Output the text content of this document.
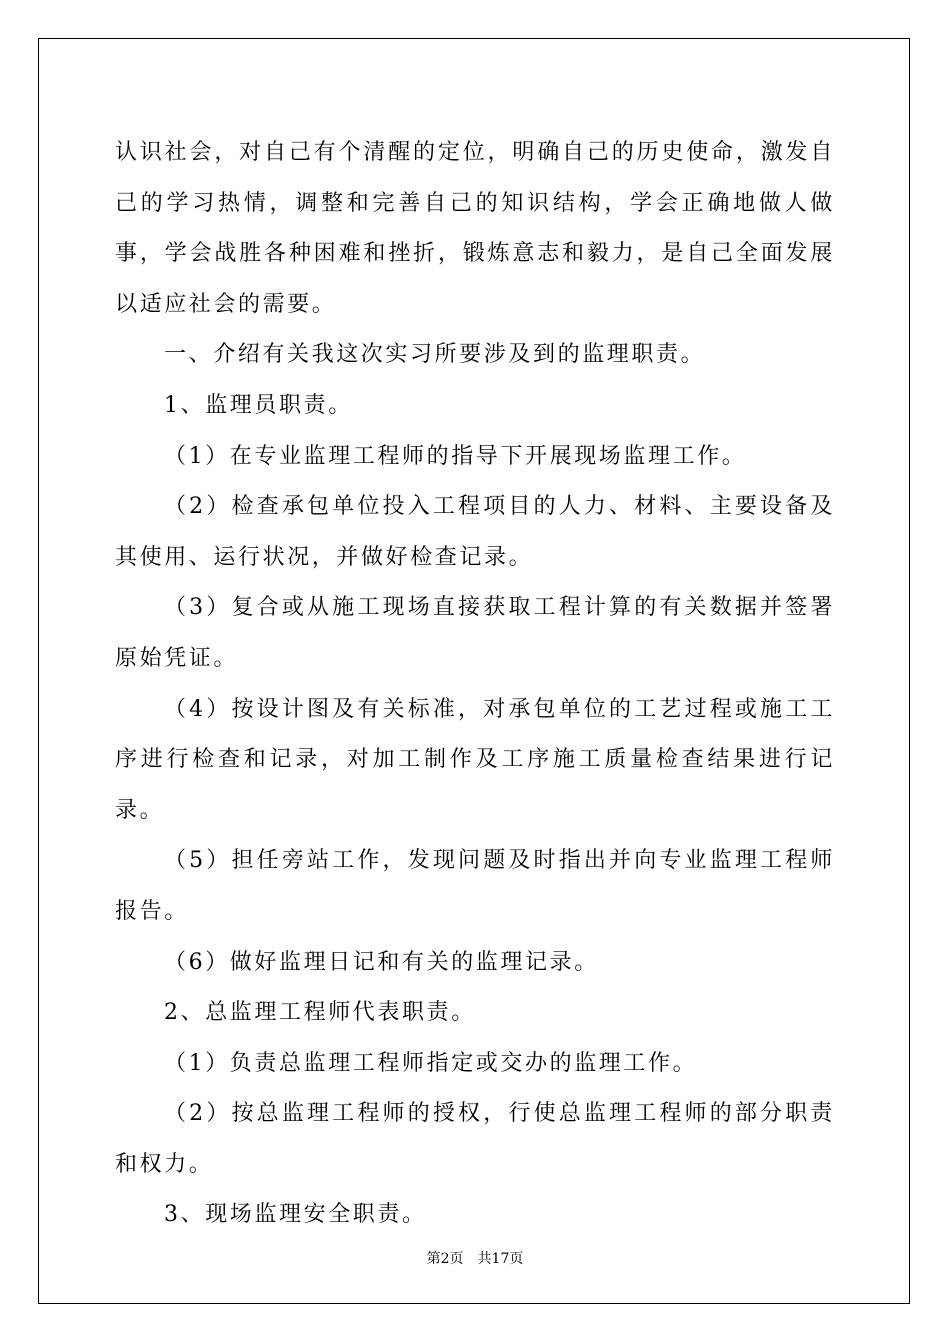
认识社会，对自己有个清醒的定位，明确自己的历史使命，激发自己的学习热情，调整和完善自己的知识结构，学会正确地做人做事，学会战胜各种困难和挫折，锻炼意志和毅力，是自己全面发展以适应社会的需要。

一、介绍有关我这次实习所要涉及到的监理职责。

1、监理员职责。

（1）在专业监理工程师的指导下开展现场监理工作。

（2）检查承包单位投入工程项目的人力、材料、主要设备及其使用、运行状况，并做好检查记录。

（3）复合或从施工现场直接获取工程计算的有关数据并签署原始凭证。

（4）按设计图及有关标准，对承包单位的工艺过程或施工工序进行检查和记录，对加工制作及工序施工质量检查结果进行记录。

（5）担任旁站工作，发现问题及时指出并向专业监理工程师报告。

（6）做好监理日记和有关的监理记录。

2、总监理工程师代表职责。

（1）负责总监理工程师指定或交办的监理工作。

（2）按总监理工程师的授权，行使总监理工程师的部分职责和权力。

3、现场监理安全职责。

第2页 共17页
